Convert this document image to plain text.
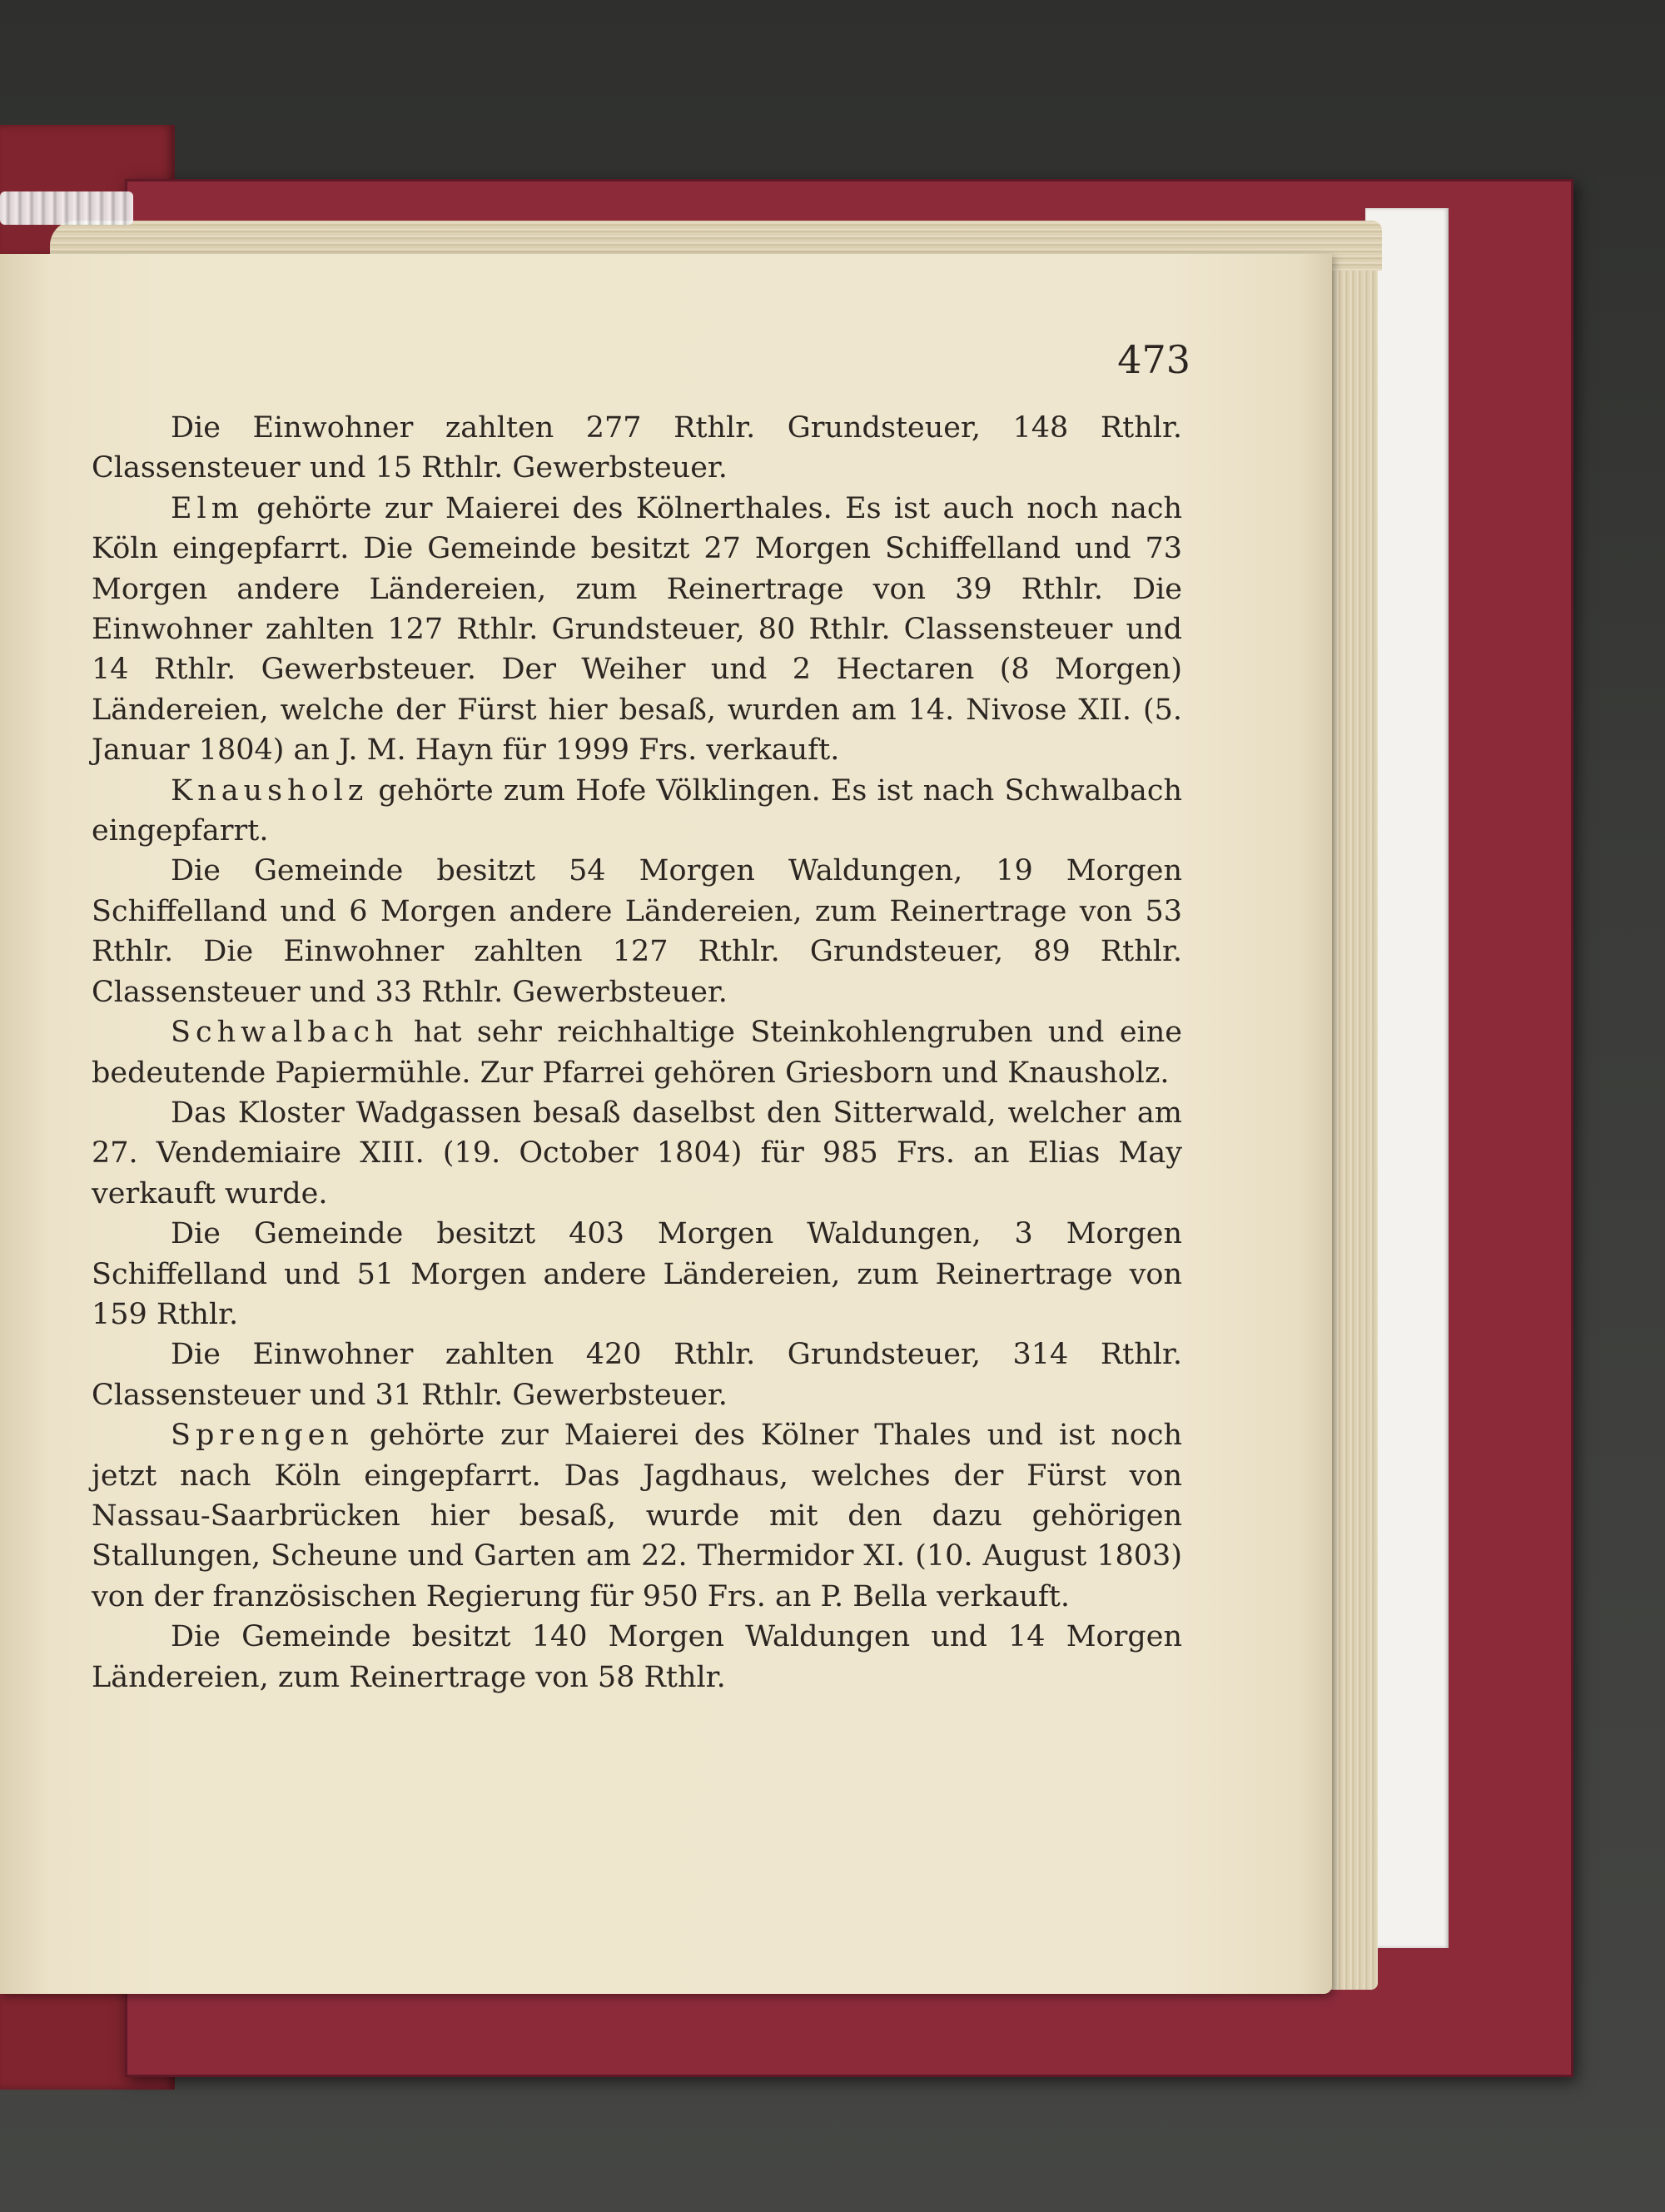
473

Die Einwohner zahlten 277 Rthlr. Grundsteuer, 148 Rthlr. Classensteuer und 15 Rthlr. Gewerbsteuer.

Elm gehörte zur Maierei des Kölnerthales. Es ist auch noch nach Köln eingepfarrt. Die Gemeinde besitzt 27 Morgen Schiffelland und 73 Morgen andere Ländereien, zum Reinertrage von 39 Rthlr. Die Einwohner zahlten 127 Rthlr. Grundsteuer, 80 Rthlr. Classensteuer und 14 Rthlr. Gewerbsteuer. Der Weiher und 2 Hectaren (8 Morgen) Ländereien, welche der Fürst hier besaß, wurden am 14. Nivose XII. (5. Januar 1804) an J. M. Hayn für 1999 Frs. verkauft.

Knausholz gehörte zum Hofe Völklingen. Es ist nach Schwalbach eingepfarrt.

Die Gemeinde besitzt 54 Morgen Waldungen, 19 Morgen Schiffelland und 6 Morgen andere Ländereien, zum Reinertrage von 53 Rthlr. Die Einwohner zahlten 127 Rthlr. Grundsteuer, 89 Rthlr. Classensteuer und 33 Rthlr. Gewerbsteuer.

Schwalbach hat sehr reichhaltige Steinkohlengruben und eine bedeutende Papiermühle. Zur Pfarrei gehören Griesborn und Knausholz.

Das Kloster Wadgassen besaß daselbst den Sitterwald, welcher am 27. Vendemiaire XIII. (19. October 1804) für 985 Frs. an Elias May verkauft wurde.

Die Gemeinde besitzt 403 Morgen Waldungen, 3 Morgen Schiffelland und 51 Morgen andere Ländereien, zum Reinertrage von 159 Rthlr.

Die Einwohner zahlten 420 Rthlr. Grundsteuer, 314 Rthlr. Classensteuer und 31 Rthlr. Gewerbsteuer.

Sprengen gehörte zur Maierei des Kölner Thales und ist noch jetzt nach Köln eingepfarrt. Das Jagdhaus, welches der Fürst von Nassau-Saarbrücken hier besaß, wurde mit den dazu gehörigen Stallungen, Scheune und Garten am 22. Thermidor XI. (10. August 1803) von der französischen Regierung für 950 Frs. an P. Bella verkauft.

Die Gemeinde besitzt 140 Morgen Waldungen und 14 Morgen Ländereien, zum Reinertrage von 58 Rthlr.
